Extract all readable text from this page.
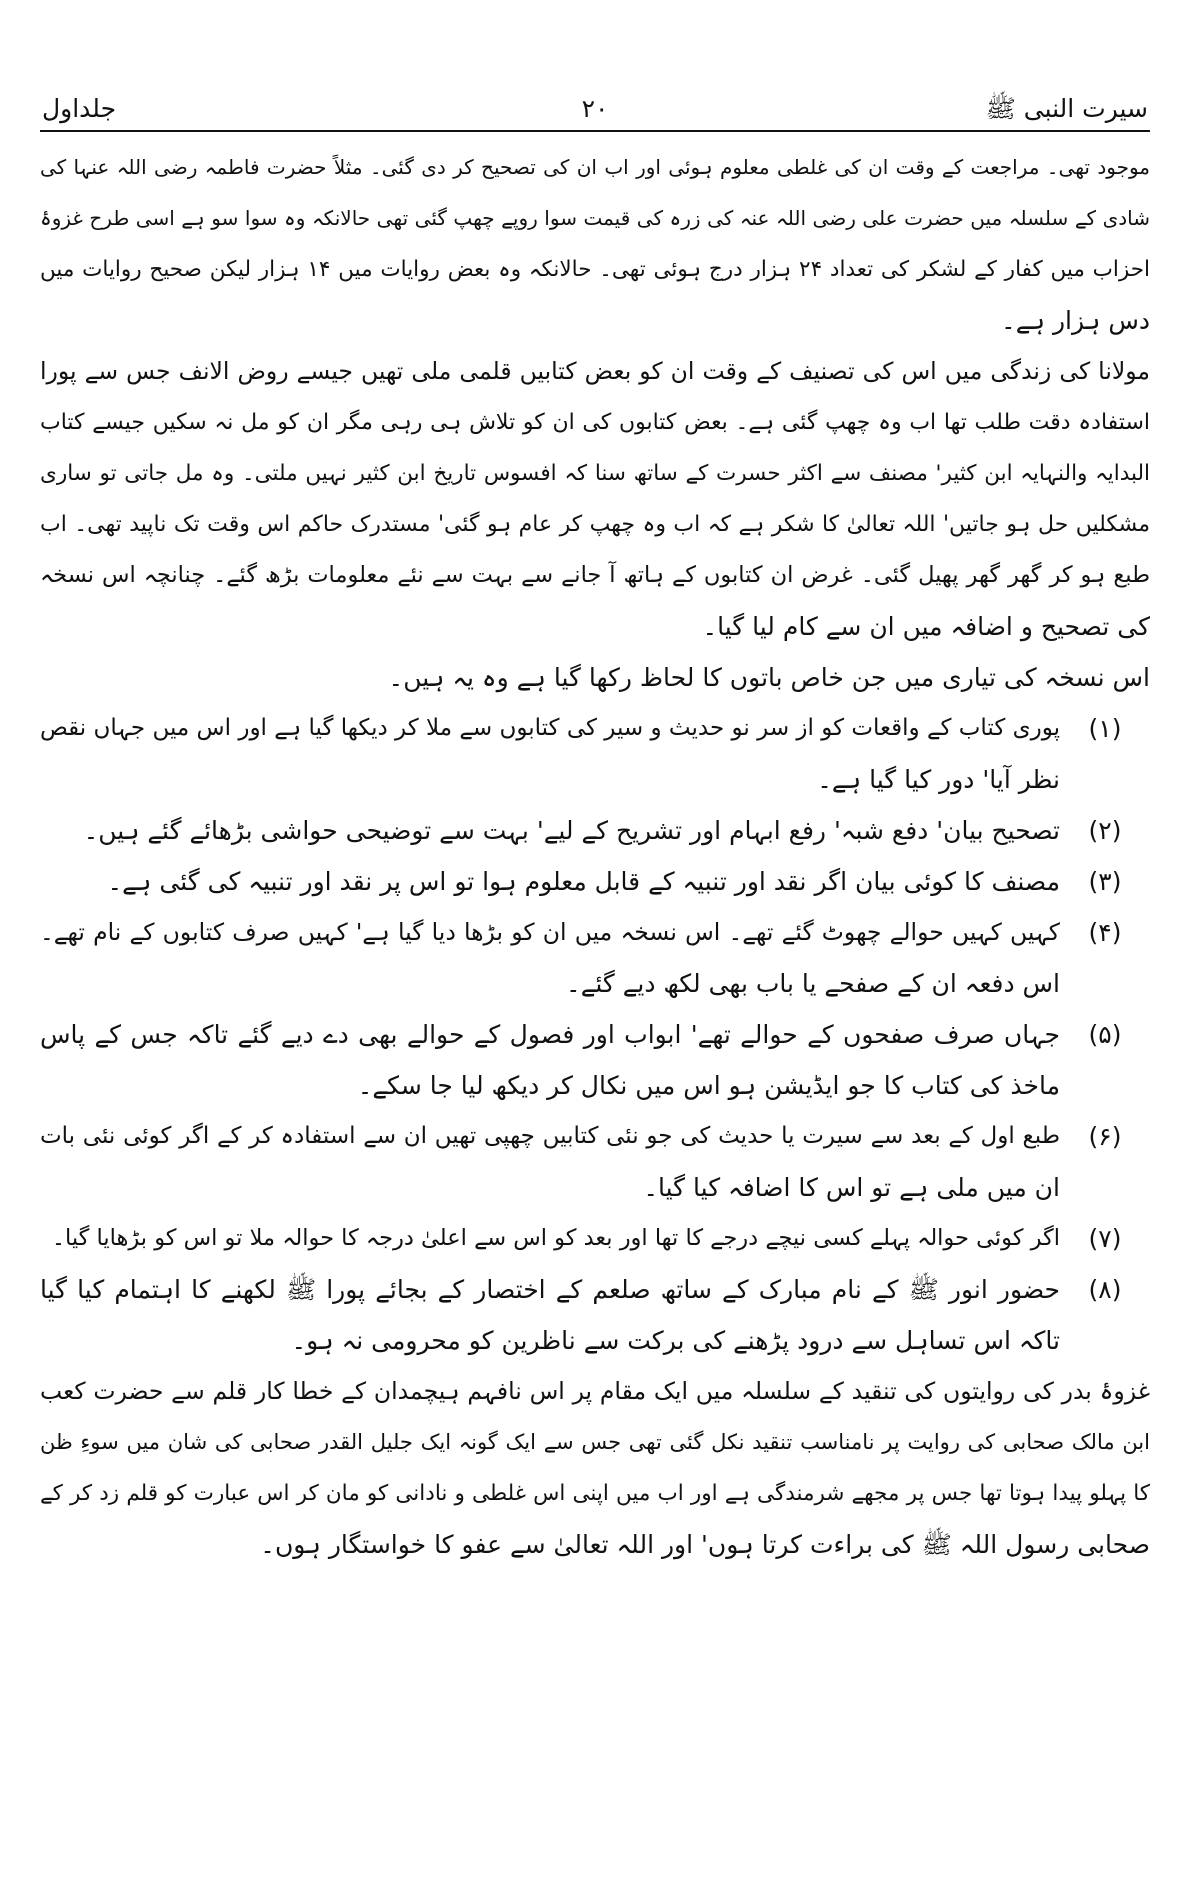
جلداول	۲۰	سیرت النبی ﷺ
موجود تھی۔ مراجعت کے وقت ان کی غلطی معلوم ہوئی اور اب ان کی تصحیح کر دی گئی۔ مثلاً حضرت فاطمہ رضی اللہ عنہا کی
شادی کے سلسلہ میں حضرت علی رضی اللہ عنہ کی زرہ کی قیمت سوا روپے چھپ گئی تھی حالانکہ وہ سوا سو ہے اسی طرح غزوۂ
احزاب میں کفار کے لشکر کی تعداد ۲۴ ہزار درج ہوئی تھی۔ حالانکہ وہ بعض روایات میں ۱۴ ہزار لیکن صحیح روایات میں
دس ہزار ہے۔
مولانا کی زندگی میں اس کی تصنیف کے وقت ان کو بعض کتابیں قلمی ملی تھیں جیسے روض الانف جس سے پورا
استفادہ دقت طلب تھا اب وہ چھپ گئی ہے۔ بعض کتابوں کی ان کو تلاش ہی رہی مگر ان کو مل نہ سکیں جیسے کتاب
البدایہ والنہایہ ابن کثیر' مصنف سے اکثر حسرت کے ساتھ سنا کہ افسوس تاریخ ابن کثیر نہیں ملتی۔ وہ مل جاتی تو ساری
مشکلیں حل ہو جاتیں' اللہ تعالیٰ کا شکر ہے کہ اب وہ چھپ کر عام ہو گئی' مستدرک حاکم اس وقت تک ناپید تھی۔ اب
طبع ہو کر گھر گھر پھیل گئی۔ غرض ان کتابوں کے ہاتھ آ جانے سے بہت سے نئے معلومات بڑھ گئے۔ چنانچہ اس نسخہ
کی تصحیح و اضافہ میں ان سے کام لیا گیا۔
اس نسخہ کی تیاری میں جن خاص باتوں کا لحاظ رکھا گیا ہے وہ یہ ہیں۔
(۱)
پوری کتاب کے واقعات کو از سر نو حدیث و سیر کی کتابوں سے ملا کر دیکھا گیا ہے اور اس میں جہاں نقص
نظر آیا' دور کیا گیا ہے۔
(۲)
تصحیح بیان' دفع شبہ' رفع ابہام اور تشریح کے لیے' بہت سے توضیحی حواشی بڑھائے گئے ہیں۔
(۳)
مصنف کا کوئی بیان اگر نقد اور تنبیہ کے قابل معلوم ہوا تو اس پر نقد اور تنبیہ کی گئی ہے۔
(۴)
کہیں کہیں حوالے چھوٹ گئے تھے۔ اس نسخہ میں ان کو بڑھا دیا گیا ہے' کہیں صرف کتابوں کے نام تھے۔
اس دفعہ ان کے صفحے یا باب بھی لکھ دیے گئے۔
(۵)
جہاں صرف صفحوں کے حوالے تھے' ابواب اور فصول کے حوالے بھی دے دیے گئے تاکہ جس کے پاس
ماخذ کی کتاب کا جو ایڈیشن ہو اس میں نکال کر دیکھ لیا جا سکے۔
(۶)
طبع اول کے بعد سے سیرت یا حدیث کی جو نئی کتابیں چھپی تھیں ان سے استفادہ کر کے اگر کوئی نئی بات
ان میں ملی ہے تو اس کا اضافہ کیا گیا۔
(۷)
اگر کوئی حوالہ پہلے کسی نیچے درجے کا تھا اور بعد کو اس سے اعلیٰ درجہ کا حوالہ ملا تو اس کو بڑھایا گیا۔
(۸)
حضور انور ﷺ کے نام مبارک کے ساتھ صلعم کے اختصار کے بجائے پورا ﷺ لکھنے کا اہتمام کیا گیا
تاکہ اس تساہل سے درود پڑھنے کی برکت سے ناظرین کو محرومی نہ ہو۔
غزوۂ بدر کی روایتوں کی تنقید کے سلسلہ میں ایک مقام پر اس نافہم ہیچمدان کے خطا کار قلم سے حضرت کعب
ابن مالک صحابی کی روایت پر نامناسب تنقید نکل گئی تھی جس سے ایک گونہ ایک جلیل القدر صحابی کی شان میں سوءِ ظن
کا پہلو پیدا ہوتا تھا جس پر مجھے شرمندگی ہے اور اب میں اپنی اس غلطی و نادانی کو مان کر اس عبارت کو قلم زد کر کے
صحابی رسول اللہ ﷺ کی براءت کرتا ہوں' اور اللہ تعالیٰ سے عفو کا خواستگار ہوں۔
